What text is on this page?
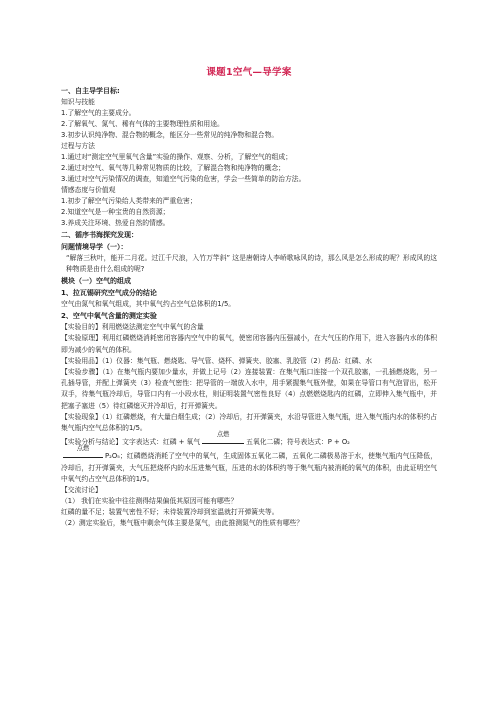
课题1空气—导学案
一、自主导学目标:
知识与技能
1.了解空气的主要成分。
2.了解氧气、氮气、稀有气体的主要物理性质和用途。
3.初步认识纯净物、混合物的概念，能区分一些常见的纯净物和混合物。
过程与方法
1.通过对“测定空气里氧气含量”实验的操作、观察、分析，了解空气的组成；
2.通过对空气、氧气等几种常见物质的比较，了解混合物和纯净物的概念；
3.通过对空气污染情况的调查，知道空气污染的危害，学会一些简单的防治方法。
情感态度与价值观
1.初步了解空气污染给人类带来的严重危害；
2.知道空气是一种宝贵的自然资源；
3.养成关注环境、热爱自然的情感。
二、循序书海探究发现：
问题情境导学（一）：
“解落三秋叶，能开二月花。过江千尺浪，入竹万竿斜” 这是唐朝诗人李峤歌咏风的诗，那么风是怎么形成的呢？形成风的这种物质是由什么组成的呢?
模块（一）空气的组成
1、拉瓦锡研究空气成分的结论
空气由氮气和氧气组成，其中氧气约占空气总体积的1/5。
2、空气中氧气含量的测定实验
【实验目的】利用燃烧法测定空气中氧气的含量
【实验原理】利用红磷燃烧消耗密闭容器内空气中的氧气，使密闭容器内压强减小，在大气压的作用下，进入容器内水的体积即为减少的氧气的体积。
【实验用品】（1）仪器：集气瓶、燃烧匙、导气管、烧杯、弹簧夹、胶塞、乳胶管（2）药品：红磷、水
【实验步骤】（1）在集气瓶内要加少量水，并做上记号（2）连接装置：在集气瓶口连接一个双孔胶塞，一孔插燃烧匙，另一孔插导管，并配上弹簧夹（3）检查气密性：把导管的一端放入水中，用手紧握集气瓶外壁，如果在导管口有气泡冒出，松开双手，待集气瓶冷却后，导管口内有一小段水柱，则证明装置气密性良好（4）点燃燃烧匙内的红磷，立即伸入集气瓶中，并把塞子塞进（5）待红磷熄灭并冷却后，打开弹簧夹。
【实验现象】（1）红磷燃烧，有大量白烟生成；（2）冷却后，打开弹簧夹，水沿导管进入集气瓶，进入集气瓶内水的体积约占集气瓶内空气总体积的1/5。
【实验分析与结论】文字表达式：红磷 + 氧气
点燃
五氧化二磷；符号表达式：P + O₂
点燃
P₂O₅；红磷燃烧消耗了空气中的氧气，生成固体五氧化二磷，五氧化二磷极易溶于水，使集气瓶内气压降低，冷却后，打开弹簧夹，大气压把烧杯内的水压进集气瓶，压进的水的体积约等于集气瓶内被消耗的氧气的体积，由此证明空气中氧气约占空气总体积的1/5。
【交流讨论】
（1） 我们在实验中往往测得结果偏低其原因可能有哪些？
红磷的量不足；装置气密性不好；未待装置冷却到室温就打开弹簧夹等。
（2）测定实验后，集气瓶中剩余气体主要是氮气，由此推测氮气的性质有哪些？
